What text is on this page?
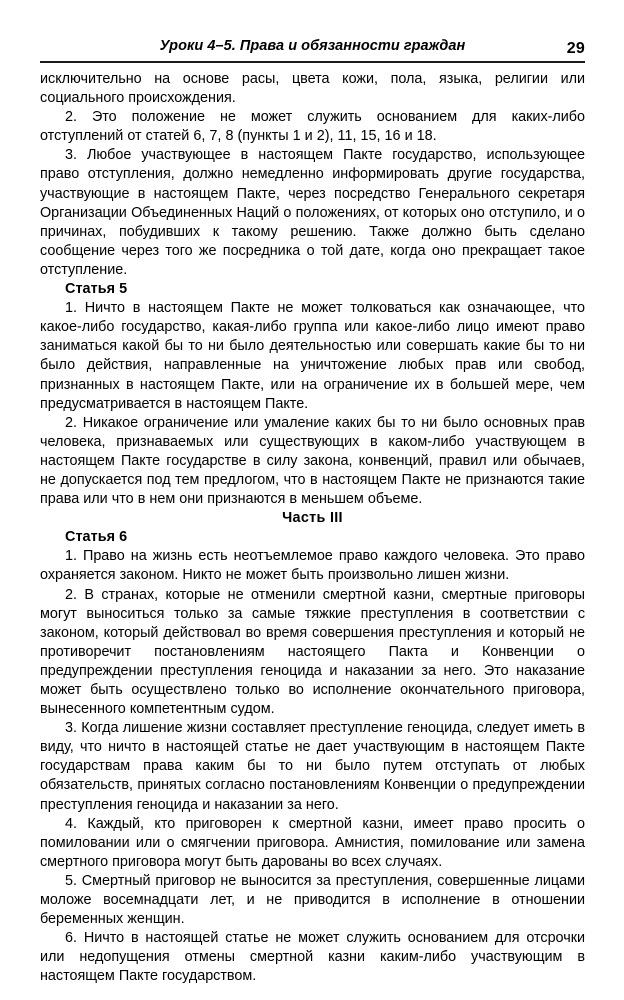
Уроки 4–5. Права и обязанности граждан	29

исключительно на основе расы, цвета кожи, пола, языка, религии или социального происхождения.

2. Это положение не может служить основанием для каких-либо отступлений от статей 6, 7, 8 (пункты 1 и 2), 11, 15, 16 и 18.

3. Любое участвующее в настоящем Пакте государство, использующее право отступления, должно немедленно информировать другие государства, участвующие в настоящем Пакте, через посредство Генерального секретаря Организации Объединенных Наций о положениях, от которых оно отступило, и о причинах, побудивших к такому решению. Также должно быть сделано сообщение через того же посредника о той дате, когда оно прекращает такое отступление.

Статья 5

1. Ничто в настоящем Пакте не может толковаться как означающее, что какое-либо государство, какая-либо группа или какое-либо лицо имеют право заниматься какой бы то ни было деятельностью или совершать какие бы то ни было действия, направленные на уничтожение любых прав или свобод, признанных в настоящем Пакте, или на ограничение их в большей мере, чем предусматривается в настоящем Пакте.

2. Никакое ограничение или умаление каких бы то ни было основных прав человека, признаваемых или существующих в каком-либо участвующем в настоящем Пакте государстве в силу закона, конвенций, правил или обычаев, не допускается под тем предлогом, что в настоящем Пакте не признаются такие права или что в нем они признаются в меньшем объеме.

Часть III
Статья 6

1. Право на жизнь есть неотъемлемое право каждого человека. Это право охраняется законом. Никто не может быть произвольно лишен жизни.

2. В странах, которые не отменили смертной казни, смертные приговоры могут выноситься только за самые тяжкие преступления в соответствии с законом, который действовал во время совершения преступления и который не противоречит постановлениям настоящего Пакта и Конвенции о предупреждении преступления геноцида и наказании за него. Это наказание может быть осуществлено только во исполнение окончательного приговора, вынесенного компетентным судом.

3. Когда лишение жизни составляет преступление геноцида, следует иметь в виду, что ничто в настоящей статье не дает участвующим в настоящем Пакте государствам права каким бы то ни было путем отступать от любых обязательств, принятых согласно постановлениям Конвенции о предупреждении преступления геноцида и наказании за него.

4. Каждый, кто приговорен к смертной казни, имеет право просить о помиловании или о смягчении приговора. Амнистия, помилование или замена смертного приговора могут быть дарованы во всех случаях.

5. Смертный приговор не выносится за преступления, совершенные лицами моложе восемнадцати лет, и не приводится в исполнение в отношении беременных женщин.

6. Ничто в настоящей статье не может служить основанием для отсрочки или недопущения отмены смертной казни каким-либо участвующим в настоящем Пакте государством.
